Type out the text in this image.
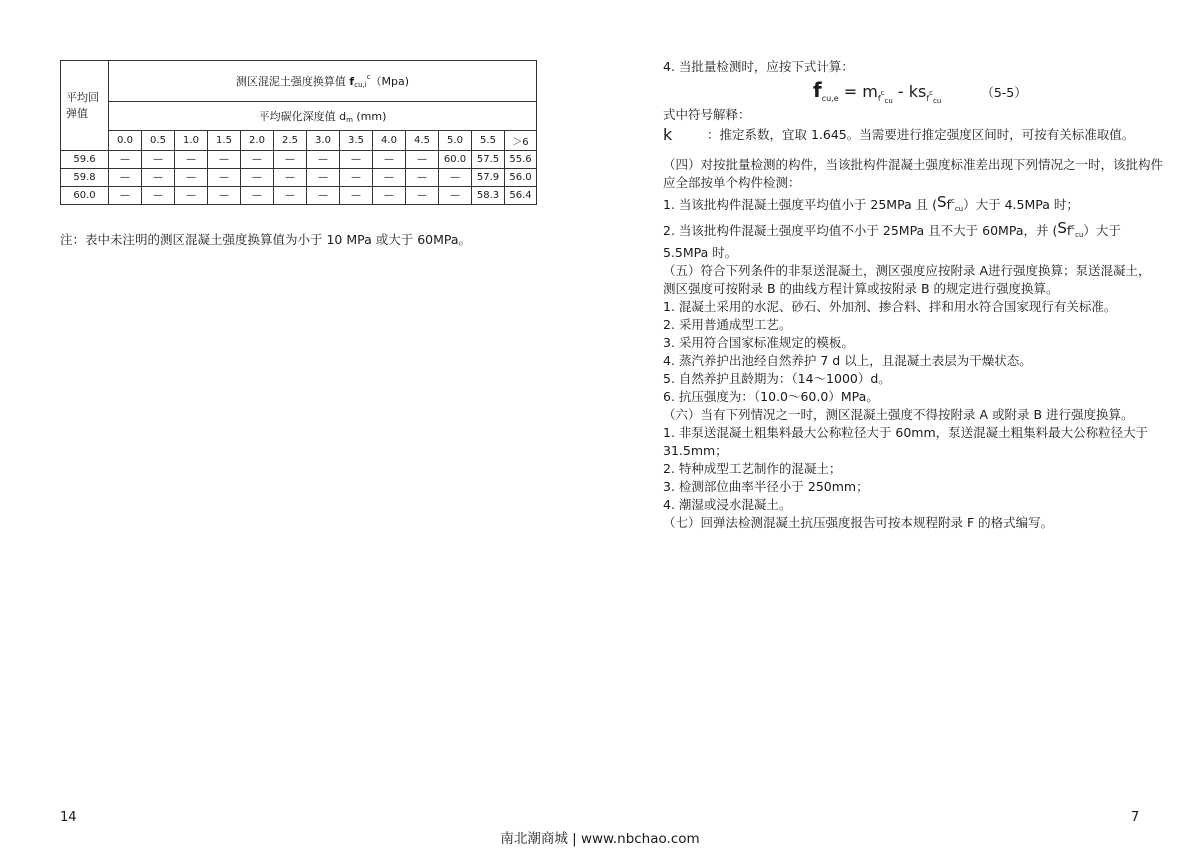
平均回弹值	测区混泥土强度换算值 $fcu,i^c(Mpa)$												
	平均碳化深度值 dm (mm)												
	0.0	0.5	1.0	1.5	2.0	2.5	3.0	3.5	4.0	4.5	5.0	5.5	＞6
59.6	—	—	—	—	—	—	—	—	—	—	60.0	57.5	55.6
59.8	—	—	—	—	—	—	—	—	—	—	—	57.9	56.0
60.0	—	—	—	—	—	—	—	—	—	—	—	58.3	56.4
注：表中未注明的测区混凝土强度换算值为小于 10 MPa 或大于 60MPa。
4. 当批量检测时，应按下式计算：
式中符号解释：
k	：推定系数，宜取 1.645。当需要进行推定强度区间时，可按有关标准取值。
（四）对按批量检测的构件，当该批构件混凝土强度标准差出现下列情况之一时，该批构件应全部按单个构件检测：
1. 当该批构件混凝土强度平均值小于 25MPa 且 (Sf$^c$cu）大于 4.5MPa 时；
2. 当该批构件混凝土强度平均值不小于 25MPa 且不大于 60MPa，并 (Sf$^c$cu）大于 5.5MPa 时。
（五）符合下列条件的非泵送混凝土，测区强度应按附录 A进行强度换算；泵送混凝土，测区强度可按附录 B 的曲线方程计算或按附录 B 的规定进行强度换算。
1. 混凝土采用的水泥、砂石、外加剂、掺合料、拌和用水符合国家现行有关标准。
2. 采用普通成型工艺。
3. 采用符合国家标准规定的模板。
4. 蒸汽养护出池经自然养护 7 d 以上，且混凝土表层为干燥状态。
5. 自然养护且龄期为：（14～1000）d。
6. 抗压强度为：（10.0～60.0）MPa。
（六）当有下列情况之一时，测区混凝土强度不得按附录 A 或附录 B 进行强度换算。
1. 非泵送混凝土粗集料最大公称粒径大于 60mm，泵送混凝土粗集料最大公称粒径大于 31.5mm；
2. 特种成型工艺制作的混凝土；
3. 检测部位曲率半径小于 250mm；
4. 潮湿或浸水混凝土。
（七）回弹法检测混凝土抗压强度报告可按本规程附录 F 的格式编写。
$f_{cu,e} = m_{f^ccu} - ks_{f^ccu}(5-5)$
14	7
南北潮商城 | www.nbchao.com
